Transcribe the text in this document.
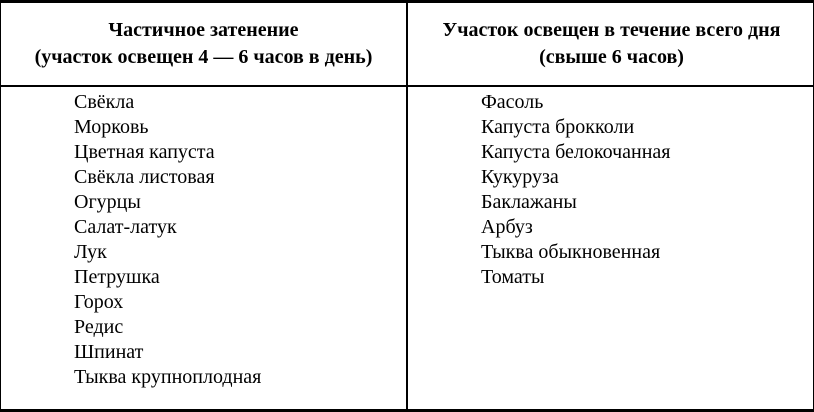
Частичное затенение
(участок освещен 4 — 6 часов в день)
Участок освещен в течение всего дня
(свыше 6 часов)
Свёкла
Морковь
Цветная капуста
Свёкла листовая
Огурцы
Салат-латук
Лук
Петрушка
Горох
Редис
Шпинат
Тыква крупноплодная
Фасоль
Капуста брокколи
Капуста белокочанная
Кукуруза
Баклажаны
Арбуз
Тыква обыкновенная
Томаты
